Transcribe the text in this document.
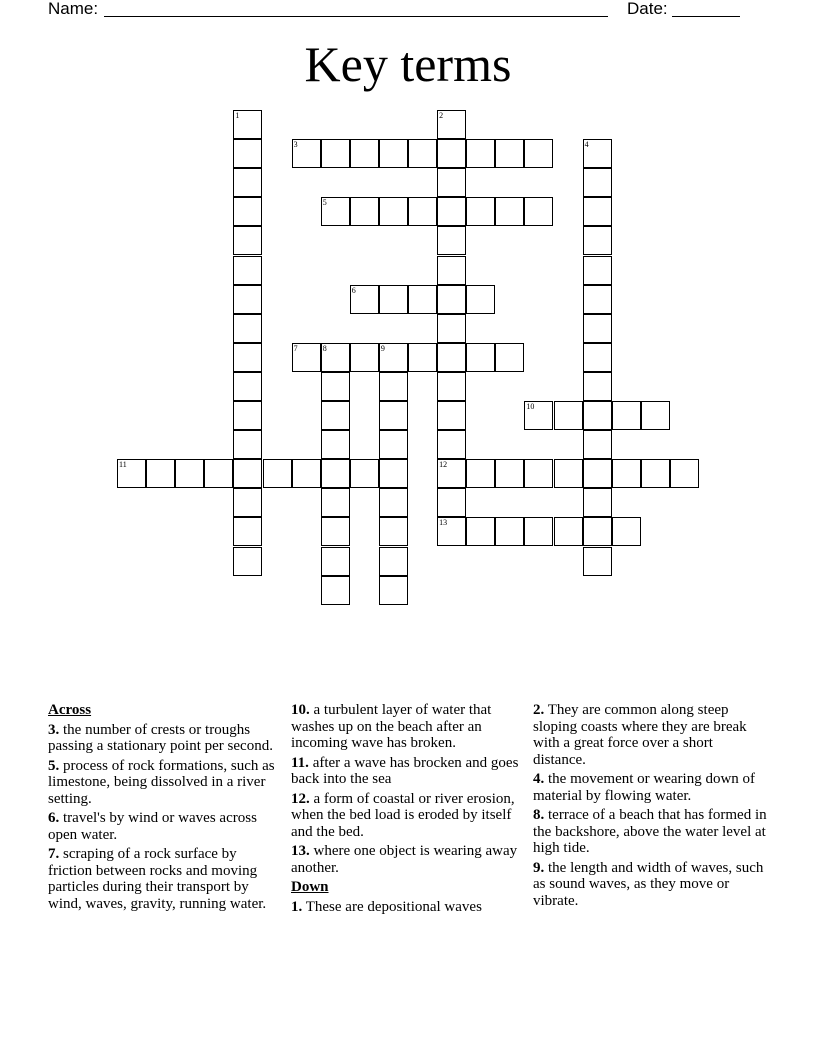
Name:	Date:
Key terms
1	2
12
13
3	4
5
6
7	8	9
10
11
Across
3. the number of crests or troughs passing a stationary point per second.
5. process of rock formations, such as limestone, being dissolved in a river setting.
6. travel's by wind or waves across open water.
7. scraping of a rock surface by friction between rocks and moving particles during their transport by wind, waves, gravity, running water.
10. a turbulent layer of water that washes up on the beach after an incoming wave has broken.
11. after a wave has brocken and goes back into the sea
12. a form of coastal or river erosion, when the bed load is eroded by itself and the bed.
13. where one object is wearing away another.
Down
1. These are depositional waves
2. They are common along steep sloping coasts where they are break with a great force over a short distance.
4. the movement or wearing down of material by flowing water.
8. terrace of a beach that has formed in the backshore, above the water level at high tide.
9. the length and width of waves, such as sound waves, as they move or vibrate.
